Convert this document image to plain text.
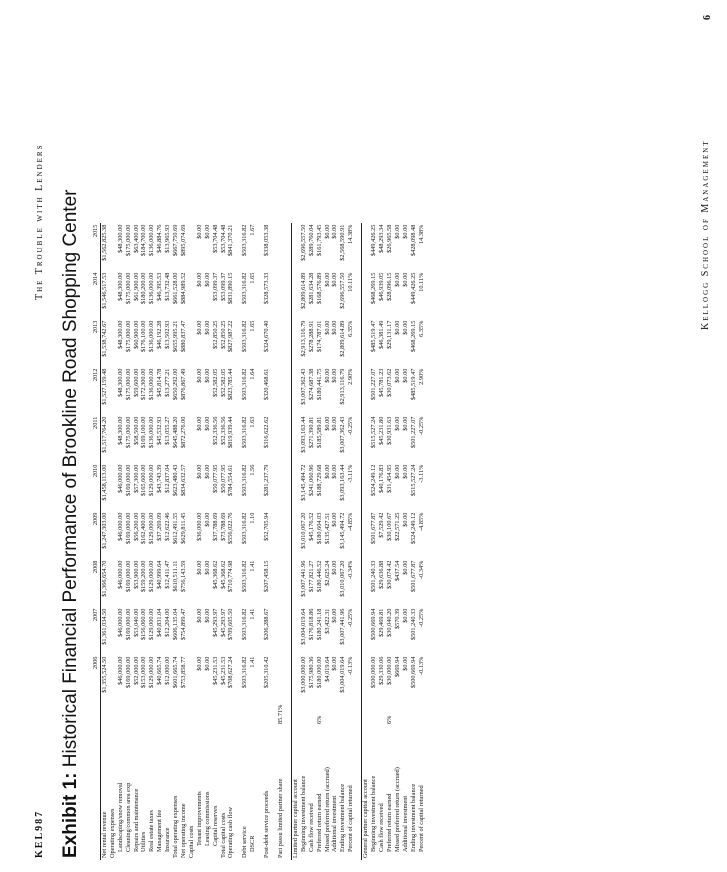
The Trouble with Lenders
KEL987
Kellogg School of Management
6
Exhibit 1: Historical Financial Performance of Brookline Road Shopping Center
		2006	2007	2008	2009	2010	2011	2012	2013	2014	2015
Net rental revenue		$1,355,524.50	$1,361,034.50	$1,366,654.70	$1,247,303.00	$1,458,113.00	$1,517,764.20	$1,527,159.48	$1,538,742.67	$1,546,517.53	$1,562,825.38
Operating expenses											
Landscaping/snow removal		$46,000.00	$46,000.00	$46,000.00	$46,000.00	$46,000.00	$48,300.00	$48,300.00	$48,300.00	$48,300.00	$48,300.00
Cleaning/common area exp		$169,000.00	$169,000.00	$169,000.00	$169,000.00	$169,000.00	$175,000.00	$175,000.00	$175,000.00	$175,000.00	$175,000.00
Repairs and maintenance		$52,000.00	$53,040.00	$53,900.00	$56,200.00	$57,300.00	$58,500.00	$59,600.00	$60,900.00	$61,900.00	$63,400.00
Utilities		$153,000.00	$156,060.00	$159,200.00	$162,400.00	$165,600.00	$169,100.00	$172,300.00	$176,100.00	$180,200.00	$184,700.00
Real estate taxes		$129,000.00	$129,000.00	$129,000.00	$129,000.00	$129,000.00	$136,000.00	$136,000.00	$136,000.00	$136,000.00	$136,000.00
Management fee		$40,665.74	$40,831.04	$40,999.64	$37,269.09	$43,743.39	$45,532.93	$45,814.78	$46,192.28	$46,395.53	$46,884.76
Insurance		$12,000.00	$12,204.00	$12,411.47	$12,622.46	$12,837.04	$13,055.27	$13,277.21	$13,502.93	$13,732.48	$13,965.93
Total operating expenses		$601,665.74	$606,135.04	$610,511.11	$612,491.55	$623,480.43	$645,488.20	$650,292.00	$655,995.21	$661,528.00	$667,750.69
Net operating income		$753,858.77	$754,899.47	$756,143.59	$629,811.45	$834,632.57	$872,276.00	$876,867.49	$880,837.47	$884,989.52	$895,074.69
Capital costs											
Tenant improvements		$0.00	$0.00	$0.00	$36,000.00	$0.00	$0.00	$0.00	$0.00	$0.00	$0.00
Leasing commissions		$0.00	$0.00	$0.00	$0.00	$0.00	$0.00	$0.00	$0.00	$0.00	$0.00
Capital reserves		$45,231.53	$45,293.97	$45,368.62	$37,788.69	$50,077.95	$52,336.56	$52,582.05	$52,850.25	$53,099.37	$53,704.48
Total capital costs		$45,231.53	$45,293.97	$45,368.62	$73,788.69	$50,077.95	$52,336.56	$52,582.05	$52,850.25	$53,099.37	$53,704.48
Operating cash flow		$708,627.24	$709,605.50	$710,774.98	$556,022.76	$784,554.61	$819,939.44	$823,785.44	$827,987.22	$831,890.15	$841,370.21

Debt service		$503,316.82	$503,316.82	$503,316.82	$503,316.82	$503,316.82	$503,316.82	$503,316.82	$503,316.82	$503,316.82	$503,316.82
DSCR		1.41	1.41	1.41	1.10	1.56	1.63	1.64	1.65	1.65	1.67

Post-debt service proceeds		$205,310.42	$206,288.67	$207,458.15	$52,705.94	$281,237.79	$316,622.62	$320,468.61	$324,670.40	$328,573.33	$338,053.38

Pari passu limited partner share	85.71%										

Limited partner capital account											
Beginning investment balance		$3,000,000.00	$3,004,019.64	$3,007,441.96	$3,010,067.20	$3,145,494.72	$3,093,163.44	$3,007,362.43	$2,913,116.79	$2,809,614.89	$2,696,557.50
Cash flow received		$175,980.36	$176,818.86	$177,821.27	$45,176.52	$241,060.96	$271,390.81	$274,687.38	$278,288.91	$281,634.28	$289,760.04
Preferred return earned	6%	$180,000.00	$180,241.18	$180,446.52	$180,604.03	$188,729.68	$185,589.81	$180,441.75	$174,787.01	$168,576.89	$161,793.45
Missed preferred return (accrued)		$4,019.64	$3,422.31	$2,625.24	$135,427.51	$0.00	$0.00	$0.00	$0.00	$0.00	$0.00
Additional investment		$0.00	$0.00	$0.00	$0.00	$0.00	$0.00	$0.00	$0.00	$0.00	$0.00
Ending investment balance		$3,004,019.64	$3,007,441.96	$3,010,067.20	$3,145,494.72	$3,093,163.44	$3,007,362.43	$2,913,116.79	$2,809,614.89	$2,696,557.50	$2,568,590.91
Percent of capital returned		-0.13%	-0.25%	-0.34%	-4.85%	-3.11%	-0.25%	2.90%	6.35%	10.11%	14.38%

General partner capital account											
Beginning investment balance		$500,000.00	$500,669.94	$501,240.33	$501,677.87	$524,249.12	$515,527.24	$501,227.07	$485,519.47	$468,269.15	$449,426.25
Cash flow received		$29,330.06	$29,469.81	$29,636.88	$7,529.42	$40,176.83	$45,231.80	$45,781.23	$46,381.49	$46,939.05	$48,293.34
Preferred return earned	6%	$30,000.00	$30,040.20	$30,074.42	$30,100.67	$31,454.95	$30,931.63	$30,073.62	$29,131.17	$28,096.15	$26,965.58
Missed preferred return (accrued)		$669.94	$570.39	$437.54	$22,571.25	$0.00	$0.00	$0.00	$0.00	$0.00	$0.00
Additional investment		$0.00	$0.00	$0.00	$0.00	$0.00	$0.00	$0.00	$0.00	$0.00	$0.00
Ending investment balance		$500,669.94	$501,240.33	$501,677.87	$524,249.12	$515,527.24	$501,227.07	$485,519.47	$468,269.15	$449,426.25	$428,098.48
Percent of capital returned		-0.13%	-0.25%	-0.34%	-4.85%	-3.11%	-0.25%	2.90%	6.35%	10.11%	14.38%
